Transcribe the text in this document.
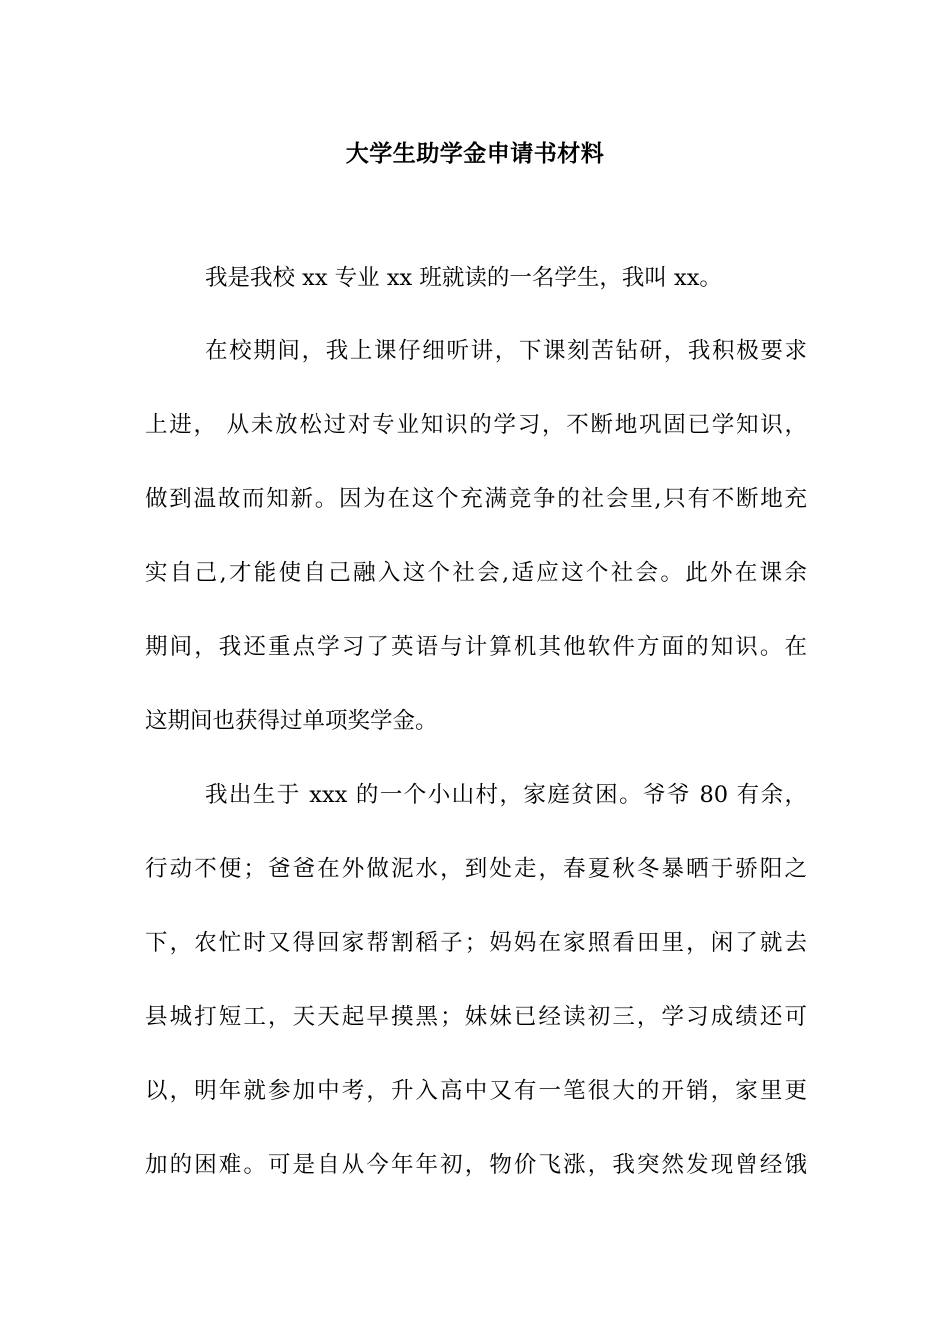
大学生助学金申请书材料
我是我校 xx 专业 xx 班就读的一名学生，我叫 xx。
在校期间，我上课仔细听讲，下课刻苦钻研，我积极要求
上进， 从未放松过对专业知识的学习，不断地巩固已学知识，
做到温故而知新。因为在这个充满竞争的社会里,只有不断地充
实自己,才能使自己融入这个社会,适应这个社会。此外在课余
期间，我还重点学习了英语与计算机其他软件方面的知识。在
这期间也获得过单项奖学金。
我出生于 xxx 的一个小山村，家庭贫困。爷爷 80 有余，
行动不便；爸爸在外做泥水，到处走，春夏秋冬暴晒于骄阳之
下，农忙时又得回家帮割稻子；妈妈在家照看田里，闲了就去
县城打短工，天天起早摸黑；妹妹已经读初三，学习成绩还可
以，明年就参加中考，升入高中又有一笔很大的开销，家里更
加的困难。可是自从今年年初，物价飞涨，我突然发现曾经饿
